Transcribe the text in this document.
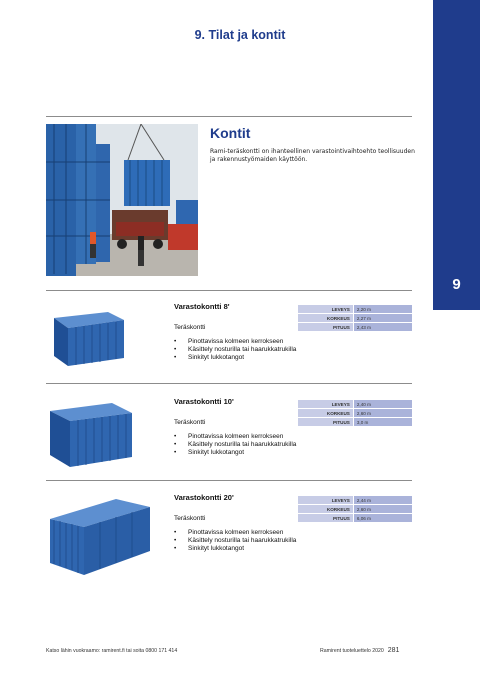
9
9. Tilat ja kontit
Kontit
Rami-teräskontti on ihanteellinen varastointivaihtoehto teollisuuden ja rakennustyömaiden käyttöön.
Varastokontti 8'
Teräskontti
• Pinottavissa kolmeen kerrokseen
• Käsittely nosturilla tai haarukkatrukilla
• Sinkityt lukkotangot
LEVEYS	2,20 m
KORKEUS	2,27 m
PITUUS	2,43 m
Varastokontti 10'
Teräskontti
• Pinottavissa kolmeen kerrokseen
• Käsittely nosturilla tai haarukkatrukilla
• Sinkityt lukkotangot
LEVEYS	2,40 m
KORKEUS	2,60 m
PITUUS	3,0 m
Varastokontti 20'
Teräskontti
• Pinottavissa kolmeen kerrokseen
• Käsittely nosturilla tai haarukkatrukilla
• Sinkityt lukkotangot
LEVEYS	2,44 m
KORKEUS	2,60 m
PITUUS	6,06 m
Katso lähin vuokraamo: ramirent.fi tai soita 0800 171 414	Ramirent tuoteluettelo 2020 281
